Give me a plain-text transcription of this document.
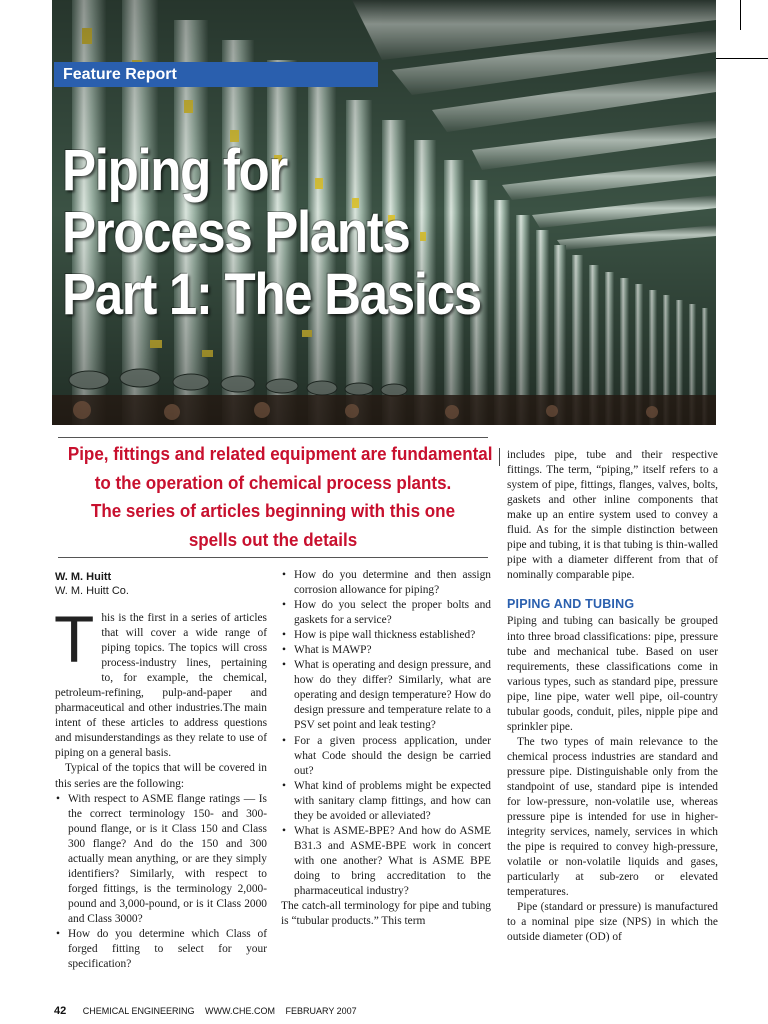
Feature Report
Piping for
Process Plants
Part 1: The Basics
Pipe, fittings and related equipment are fundamental
to the operation of chemical process plants.
The series of articles beginning with this one
spells out the details
W. M. Huitt
W. M. Huitt Co.

This is the first in a series of articles that will cover a wide range of piping topics. The topics will cross process-industry lines, pertaining to, for example, the chemical, petroleum-refining, pulp-and-paper and pharmaceutical and other industries.The main intent of these articles to address questions and misunderstandings as they relate to use of piping on a general basis.

Typical of the topics that will be covered in this series are the following:

• With respect to ASME flange ratings — Is the correct terminology 150- and 300-pound flange, or is it Class 150 and Class 300 flange? And do the 150 and 300 actually mean anything, or are they simply identifiers? Similarly, with respect to forged fittings, is the terminology 2,000-pound and 3,000-pound, or is it Class 2000 and Class 3000?
• How do you determine which Class of forged fitting to select for your specification?
• How do you determine and then assign corrosion allowance for piping?
• How do you select the proper bolts and gaskets for a service?
• How is pipe wall thickness established?
• What is MAWP?
• What is operating and design pressure, and how do they differ? Similarly, what are operating and design temperature? How do design pressure and temperature relate to a PSV set point and leak testing?
• For a given process application, under what Code should the design be carried out?
• What kind of problems might be expected with sanitary clamp fittings, and how can they be avoided or alleviated?
• What is ASME-BPE? And how do ASME B31.3 and ASME-BPE work in concert with one another? What is ASME BPE doing to bring accreditation to the pharmaceutical industry?

The catch-all terminology for pipe and tubing is “tubular products.” This term

includes pipe, tube and their respective fittings. The term, “piping,” itself refers to a system of pipe, fittings, flanges, valves, bolts, gaskets and other inline components that make up an entire system used to convey a fluid. As for the simple distinction between pipe and tubing, it is that tubing is thin-walled pipe with a diameter different from that of nominally comparable pipe.

PIPING AND TUBING

Piping and tubing can basically be grouped into three broad classifications: pipe, pressure tube and mechanical tube. Based on user requirements, these classifications come in various types, such as standard pipe, pressure pipe, line pipe, water well pipe, oil-country tubular goods, conduit, piles, nipple pipe and sprinkler pipe.

The two types of main relevance to the chemical process industries are standard and pressure pipe. Distinguishable only from the standpoint of use, standard pipe is intended for low-pressure, non-volatile use, whereas pressure pipe is intended for use in higher-integrity services, namely, services in which the pipe is required to convey high-pressure, volatile or non-volatile liquids and gases, particularly at sub-zero or elevated temperatures.

Pipe (standard or pressure) is manufactured to a nominal pipe size (NPS) in which the outside diameter (OD) of

42 CHEMICAL ENGINEERING WWW.CHE.COM FEBRUARY 2007
